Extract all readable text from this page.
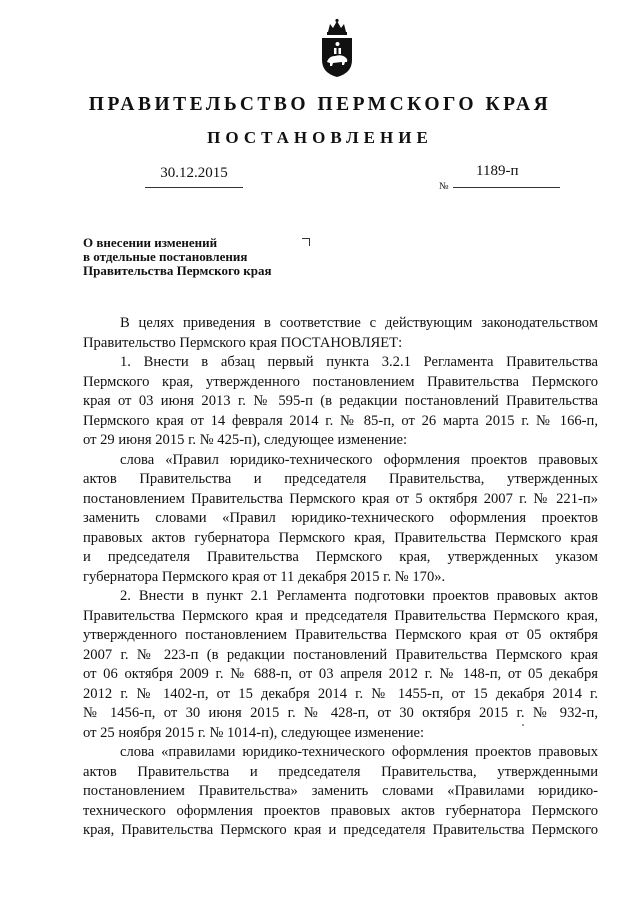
ПРАВИТЕЛЬСТВО ПЕРМСКОГО КРАЯ
ПОСТАНОВЛЕНИЕ
30.12.2015
№
1189-п
О внесении изменений
в отдельные постановления
Правительства Пермского края
В целях приведения в соответствие с действующим законодательством
Правительство Пермского края ПОСТАНОВЛЯЕТ:
1. Внести в абзац первый пункта 3.2.1 Регламента Правительства
Пермского края, утвержденного постановлением Правительства Пермского
края от 03 июня 2013 г. № 595-п (в редакции постановлений Правительства
Пермского края от 14 февраля 2014 г. № 85-п, от 26 марта 2015 г. № 166-п,
от 29 июня 2015 г. № 425-п), следующее изменение:
слова «Правил юридико-технического оформления проектов правовых
актов Правительства и председателя Правительства, утвержденных
постановлением Правительства Пермского края от 5 октября 2007 г. № 221-п»
заменить словами «Правил юридико-технического оформления проектов
правовых актов губернатора Пермского края, Правительства Пермского края
и председателя Правительства Пермского края, утвержденных указом
губернатора Пермского края от 11 декабря 2015 г. № 170».
2. Внести в пункт 2.1 Регламента подготовки проектов правовых актов
Правительства Пермского края и председателя Правительства Пермского края,
утвержденного постановлением Правительства Пермского края от 05 октября
2007 г. № 223-п (в редакции постановлений Правительства Пермского края
от 06 октября 2009 г. № 688-п, от 03 апреля 2012 г. № 148-п, от 05 декабря
2012 г. № 1402-п, от 15 декабря 2014 г. № 1455-п, от 15 декабря 2014 г.
№ 1456-п, от 30 июня 2015 г. № 428-п, от 30 октября 2015 г. № 932-п,
от 25 ноября 2015 г. № 1014-п), следующее изменение:
слова «правилами юридико-технического оформления проектов правовых
актов Правительства и председателя Правительства, утвержденными
постановлением Правительства» заменить словами «Правилами юридико-
технического оформления проектов правовых актов губернатора Пермского
края, Правительства Пермского края и председателя Правительства Пермского
